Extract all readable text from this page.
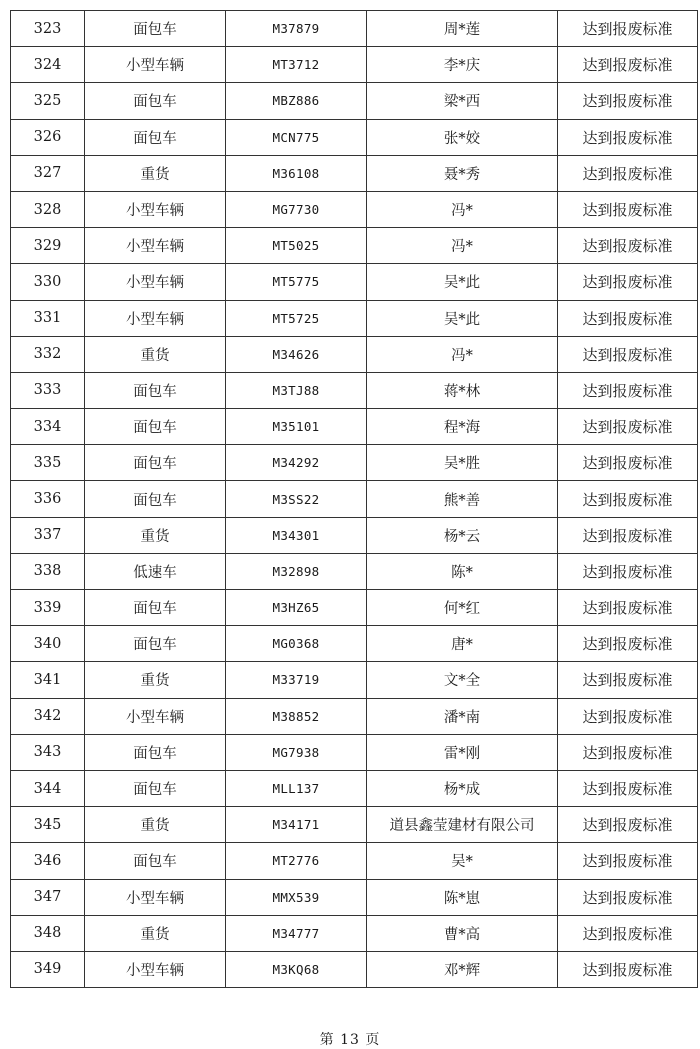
323	面包车	M37879	周*莲	达到报废标准
324	小型车辆	MT3712	李*庆	达到报废标准
325	面包车	MBZ886	梁*西	达到报废标准
326	面包车	MCN775	张*姣	达到报废标准
327	重货	M36108	聂*秀	达到报废标准
328	小型车辆	MG7730	冯*	达到报废标准
329	小型车辆	MT5025	冯*	达到报废标准
330	小型车辆	MT5775	吴*此	达到报废标准
331	小型车辆	MT5725	吴*此	达到报废标准
332	重货	M34626	冯*	达到报废标准
333	面包车	M3TJ88	蒋*林	达到报废标准
334	面包车	M35101	程*海	达到报废标准
335	面包车	M34292	吴*胜	达到报废标准
336	面包车	M3SS22	熊*善	达到报废标准
337	重货	M34301	杨*云	达到报废标准
338	低速车	M32898	陈*	达到报废标准
339	面包车	M3HZ65	何*红	达到报废标准
340	面包车	MG0368	唐*	达到报废标准
341	重货	M33719	文*全	达到报废标准
342	小型车辆	M38852	潘*南	达到报废标准
343	面包车	MG7938	雷*刚	达到报废标准
344	面包车	MLL137	杨*成	达到报废标准
345	重货	M34171	道县鑫莹建材有限公司	达到报废标准
346	面包车	MT2776	吴*	达到报废标准
347	小型车辆	MMX539	陈*崽	达到报废标准
348	重货	M34777	曹*高	达到报废标准
349	小型车辆	M3KQ68	邓*辉	达到报废标准
第 13 页
